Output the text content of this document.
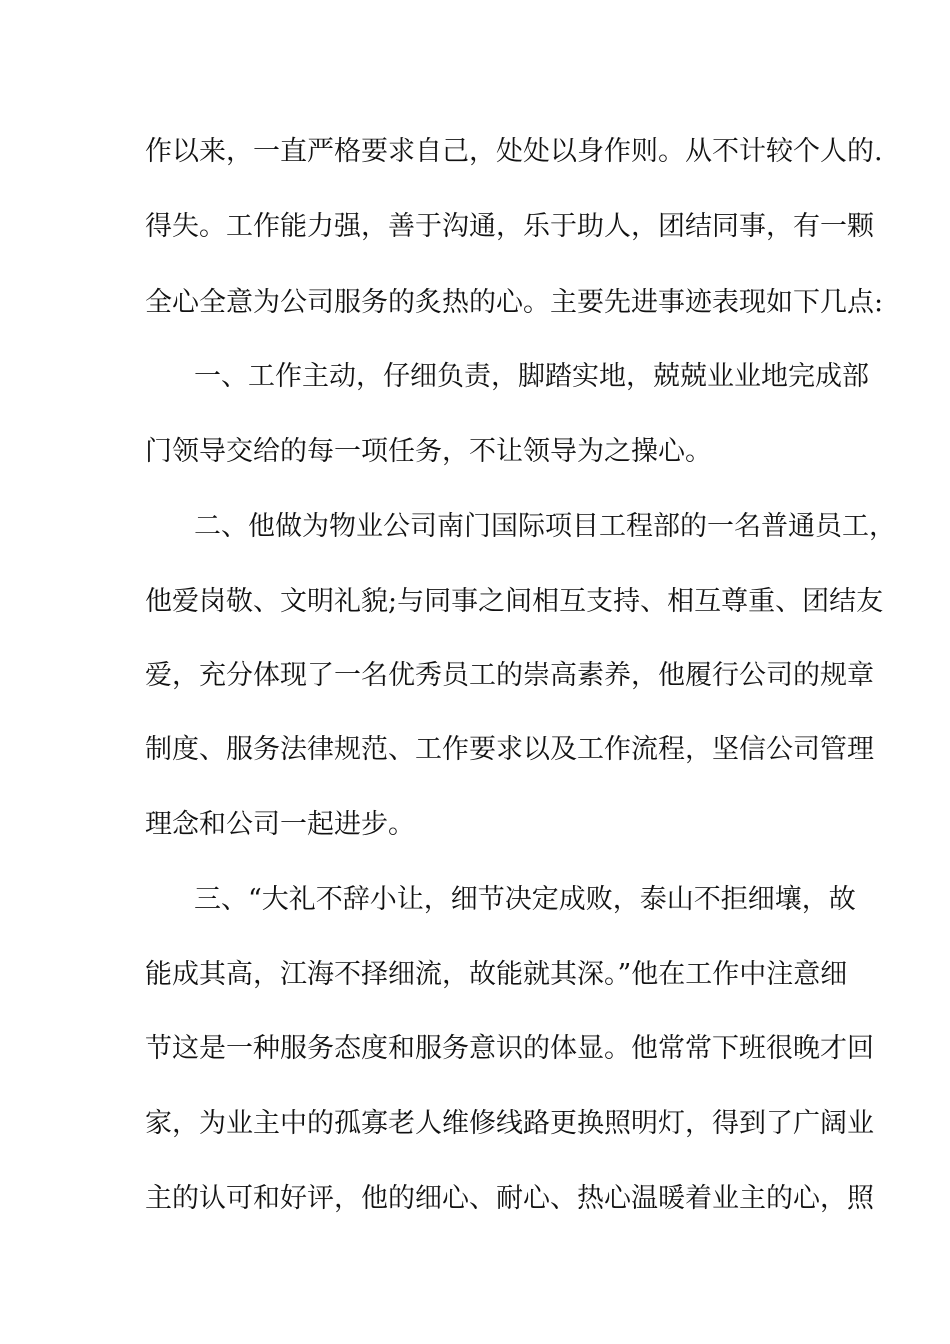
作以来，一直严格要求自己，处处以身作则。从不计较个人的.
得失。工作能力强，善于沟通，乐于助人，团结同事，有一颗
全心全意为公司服务的炙热的心。主要先进事迹表现如下几点:
一、工作主动，仔细负责，脚踏实地，兢兢业业地完成部
门领导交给的每一项任务，不让领导为之操心。
二、他做为物业公司南门国际项目工程部的一名普通员工，
他爱岗敬、文明礼貌;与同事之间相互支持、相互尊重、团结友
爱，充分体现了一名优秀员工的崇高素养，他履行公司的规章
制度、服务法律规范、工作要求以及工作流程，坚信公司管理
理念和公司一起进步。
三、“大礼不辞小让，细节决定成败，泰山不拒细壤，故
能成其高，江海不择细流，故能就其深。”他在工作中注意细
节这是一种服务态度和服务意识的体显。他常常下班很晚才回
家，为业主中的孤寡老人维修线路更换照明灯，得到了广阔业
主的认可和好评，他的细心、耐心、热心温暖着业主的心，照
